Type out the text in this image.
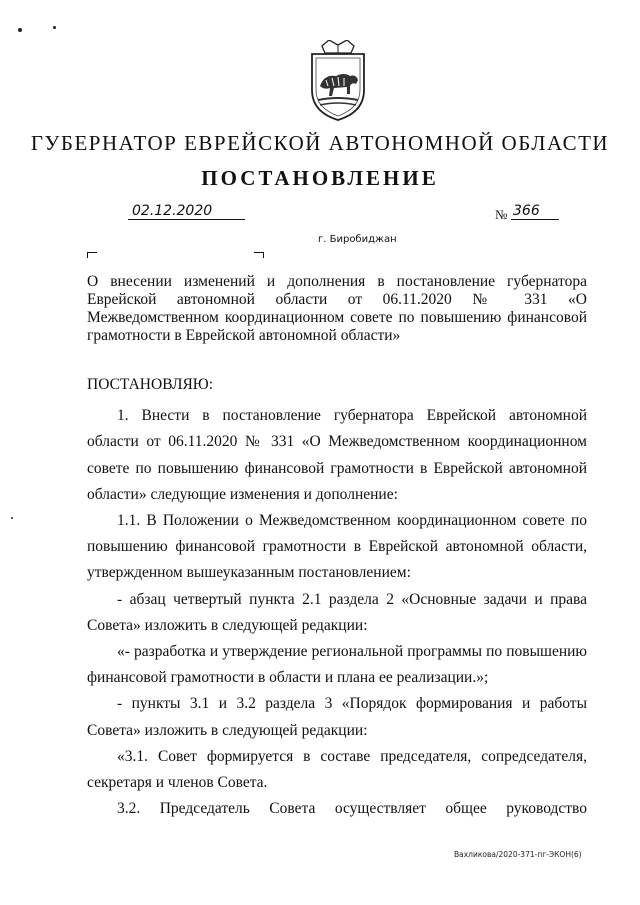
ГУБЕРНАТОР ЕВРЕЙСКОЙ АВТОНОМНОЙ ОБЛАСТИ
ПОСТАНОВЛЕНИЕ
02.12.2020	№ 366
г. Биробиджан
О внесении изменений и дополнения в постановление губернатора Еврейской автономной области от 06.11.2020 № 331 «О Межведомственном координационном совете по повышению финансовой грамотности в Еврейской автономной области»

ПОСТАНОВЛЯЮ:

1. Внести в постановление губернатора Еврейской автономной области от 06.11.2020 № 331 «О Межведомственном координационном совете по повышению финансовой грамотности в Еврейской автономной области» следующие изменения и дополнение:

1.1. В Положении о Межведомственном координационном совете по повышению финансовой грамотности в Еврейской автономной области, утвержденном вышеуказанным постановлением:

- абзац четвертый пункта 2.1 раздела 2 «Основные задачи и права Совета» изложить в следующей редакции:

«- разработка и утверждение региональной программы по повышению финансовой грамотности в области и плана ее реализации.»;

- пункты 3.1 и 3.2 раздела 3 «Порядок формирования и работы Совета» изложить в следующей редакции:

«3.1. Совет формируется в составе председателя, сопредседателя, секретаря и членов Совета.

3.2. Председатель Совета осуществляет общее руководство

Вахликова/2020-371-пг-ЭКОН(6)
